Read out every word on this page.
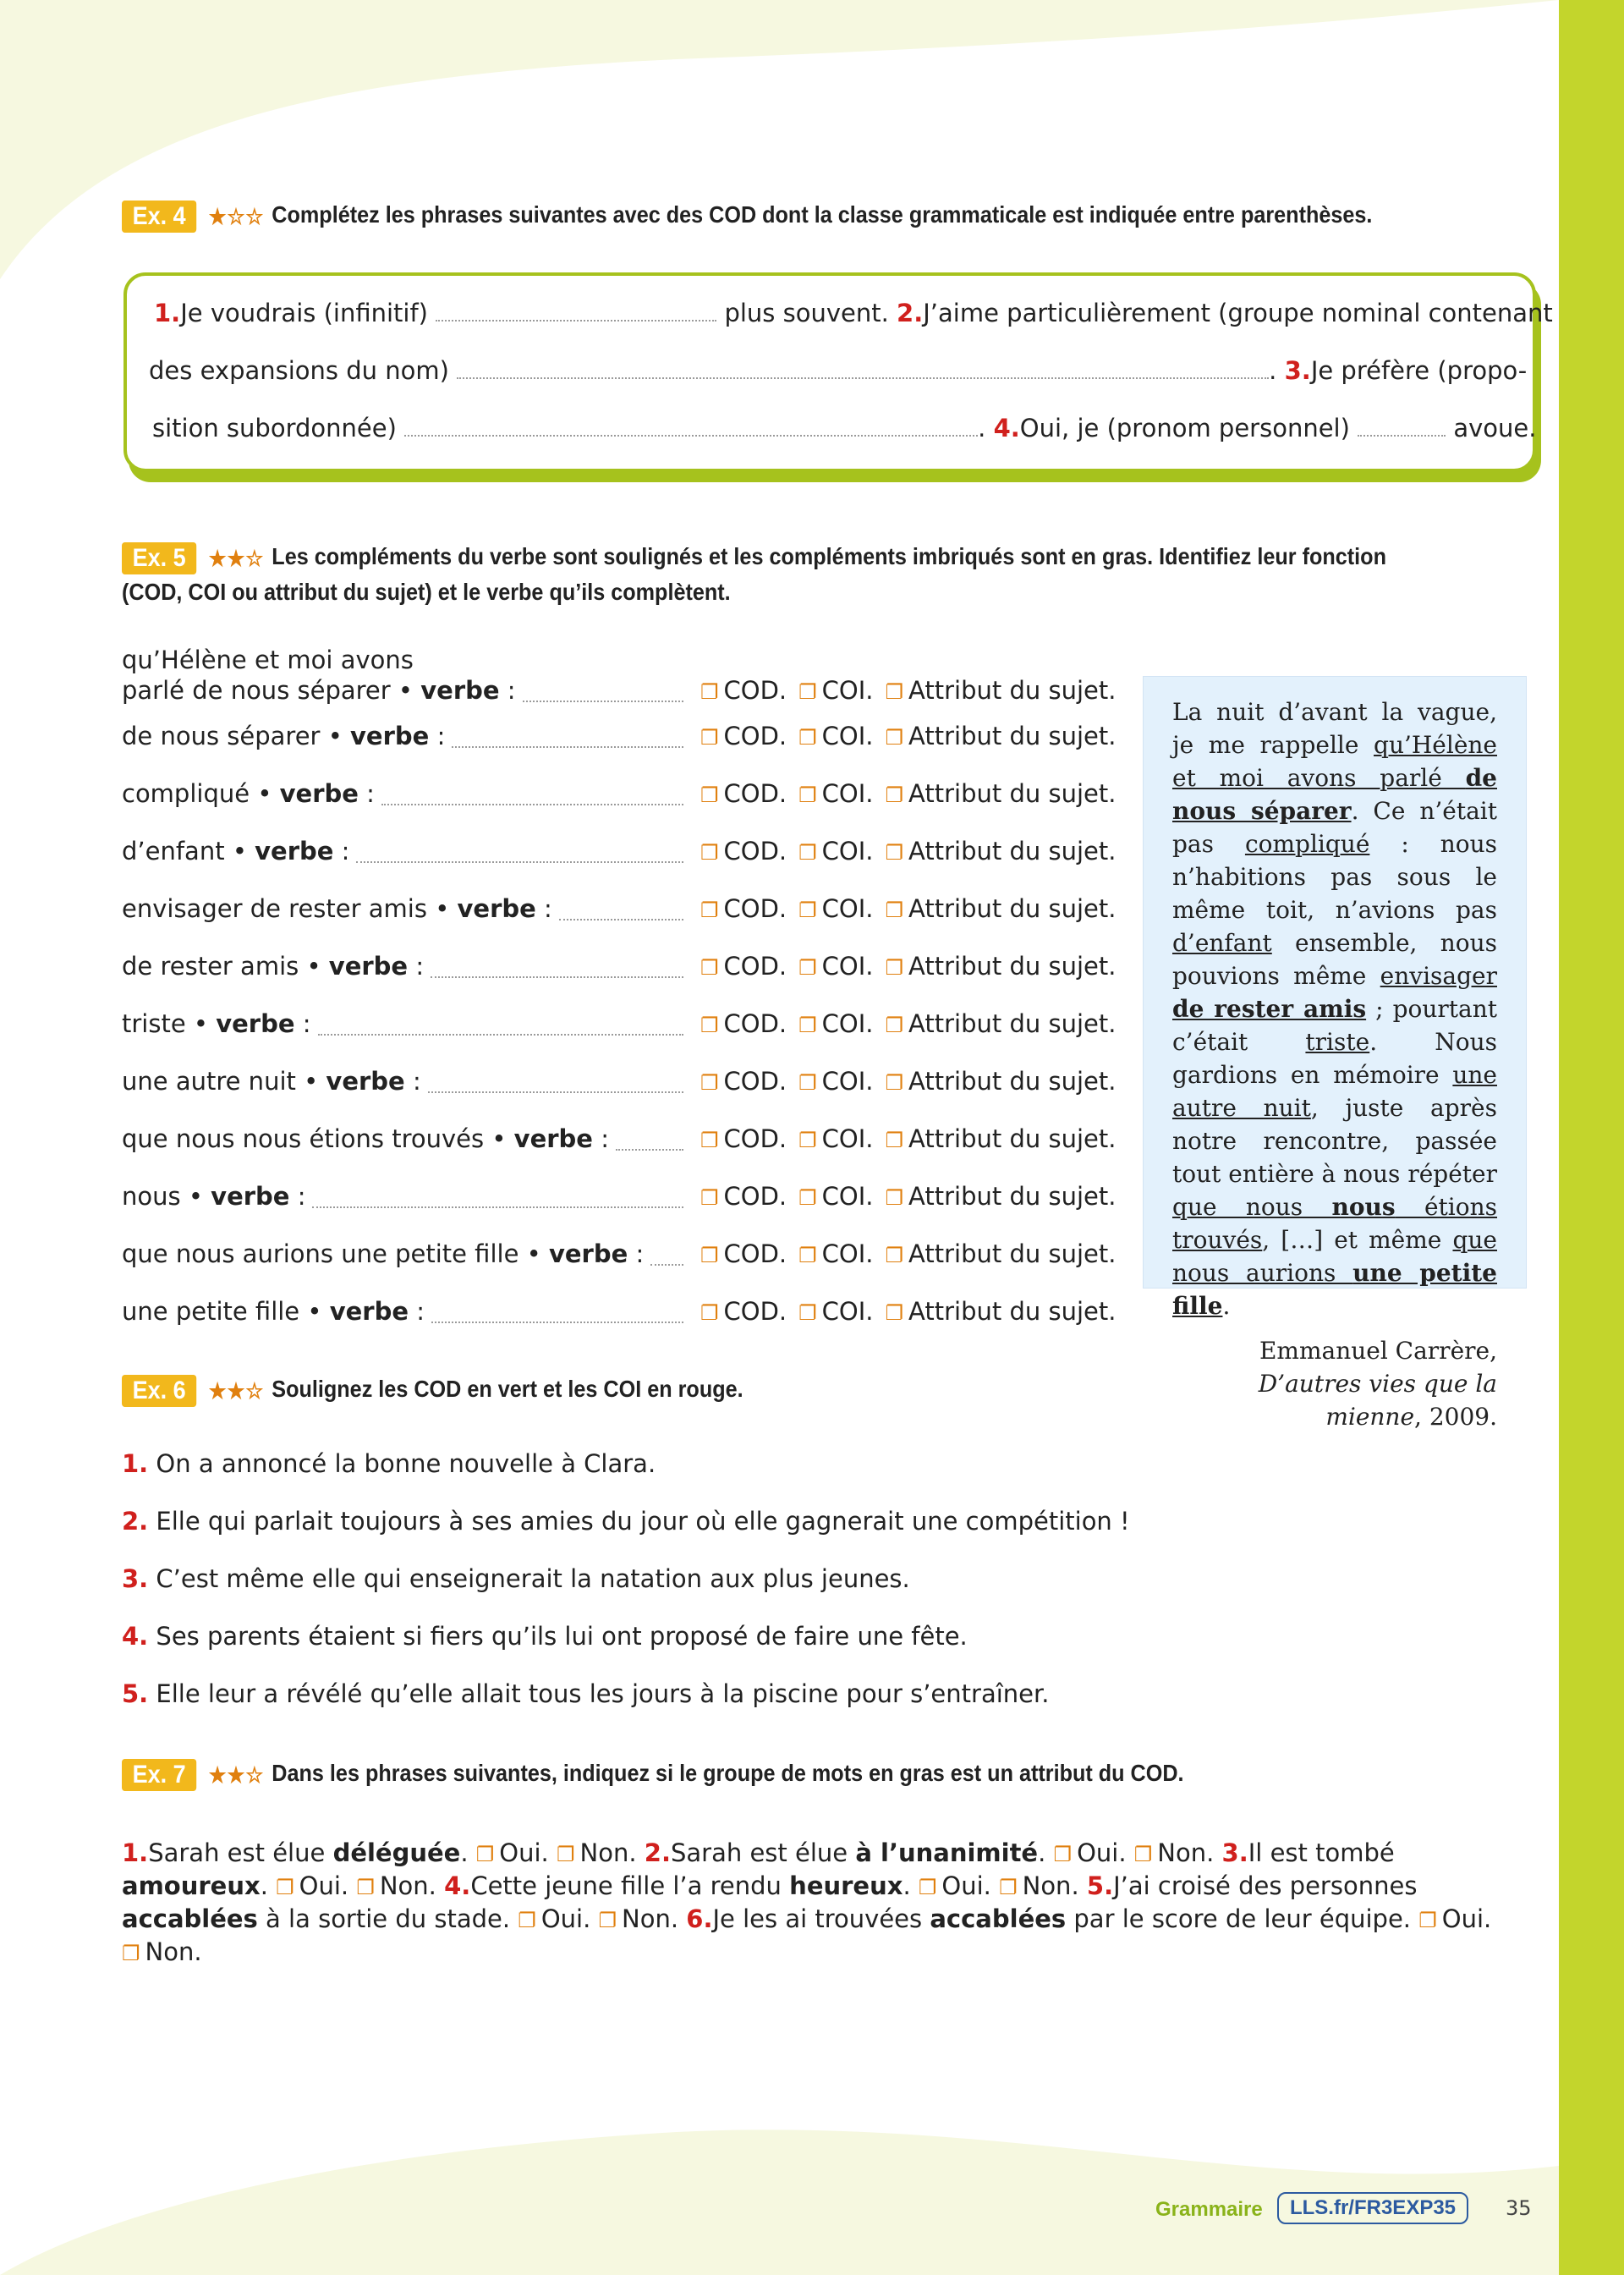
Ex. 4 ★☆☆ Complétez les phrases suivantes avec des COD dont la classe grammaticale est indiquée entre parenthèses.
1.Je voudrais (infinitif)	plus souvent. 2.J’aime particulièrement (groupe nominal contenant
des expansions du nom)	. 3.Je préfère (propo-
sition subordonnée)	. 4.Oui, je (pronom personnel)	avoue.
Ex. 5 ★★☆ Les compléments du verbe sont soulignés et les compléments imbriqués sont en gras. Identifiez leur fonction (COD, COI ou attribut du sujet) et le verbe qu’ils complètent.
qu’Hélène et moi avons
parlé de nous séparer • verbe :	❐ COD. ❐ COI. ❐ Attribut du sujet.
de nous séparer • verbe :	❐ COD. ❐ COI. ❐ Attribut du sujet.
compliqué • verbe :	❐ COD. ❐ COI. ❐ Attribut du sujet.
d’enfant • verbe :	❐ COD. ❐ COI. ❐ Attribut du sujet.
envisager de rester amis • verbe :	❐ COD. ❐ COI. ❐ Attribut du sujet.
de rester amis • verbe :	❐ COD. ❐ COI. ❐ Attribut du sujet.
triste • verbe :	❐ COD. ❐ COI. ❐ Attribut du sujet.
une autre nuit • verbe :	❐ COD. ❐ COI. ❐ Attribut du sujet.
que nous nous étions trouvés • verbe :	❐ COD. ❐ COI. ❐ Attribut du sujet.
nous • verbe :	❐ COD. ❐ COI. ❐ Attribut du sujet.
que nous aurions une petite fille • verbe :	❐ COD. ❐ COI. ❐ Attribut du sujet.
une petite fille • verbe :	❐ COD. ❐ COI. ❐ Attribut du sujet.

La nuit d’avant la vague, je me rappelle qu’Hélène et moi avons parlé de nous séparer. Ce n’était pas compliqué : nous n’habitions pas sous le même toit, n’avions pas d’enfant ensemble, nous pouvions même envisager de rester amis ; pourtant c’était triste. Nous gardions en mémoire une autre nuit, juste après notre rencontre, passée tout entière à nous répéter que nous nous étions trouvés, […] et même que nous aurions une petite fille.

Emmanuel Carrère, D’autres vies que la mienne, 2009.

Ex. 6 ★★☆ Soulignez les COD en vert et les COI en rouge.
1. On a annoncé la bonne nouvelle à Clara.
2. Elle qui parlait toujours à ses amies du jour où elle gagnerait une compétition !
3. C’est même elle qui enseignerait la natation aux plus jeunes.
4. Ses parents étaient si fiers qu’ils lui ont proposé de faire une fête.
5. Elle leur a révélé qu’elle allait tous les jours à la piscine pour s’entraîner.
Ex. 7 ★★☆ Dans les phrases suivantes, indiquez si le groupe de mots en gras est un attribut du COD.
1.Sarah est élue déléguée. ❐ Oui. ❐ Non. 2.Sarah est élue à l’unanimité. ❐ Oui. ❐ Non. 3.Il est tombé amoureux. ❐ Oui. ❐ Non. 4.Cette jeune fille l’a rendu heureux. ❐ Oui. ❐ Non. 5.J’ai croisé des personnes accablées à la sortie du stade. ❐ Oui. ❐ Non. 6.Je les ai trouvées accablées par le score de leur équipe. ❐ Oui. ❐ Non.
Grammaire	LLS.fr/FR3EXP35	35
